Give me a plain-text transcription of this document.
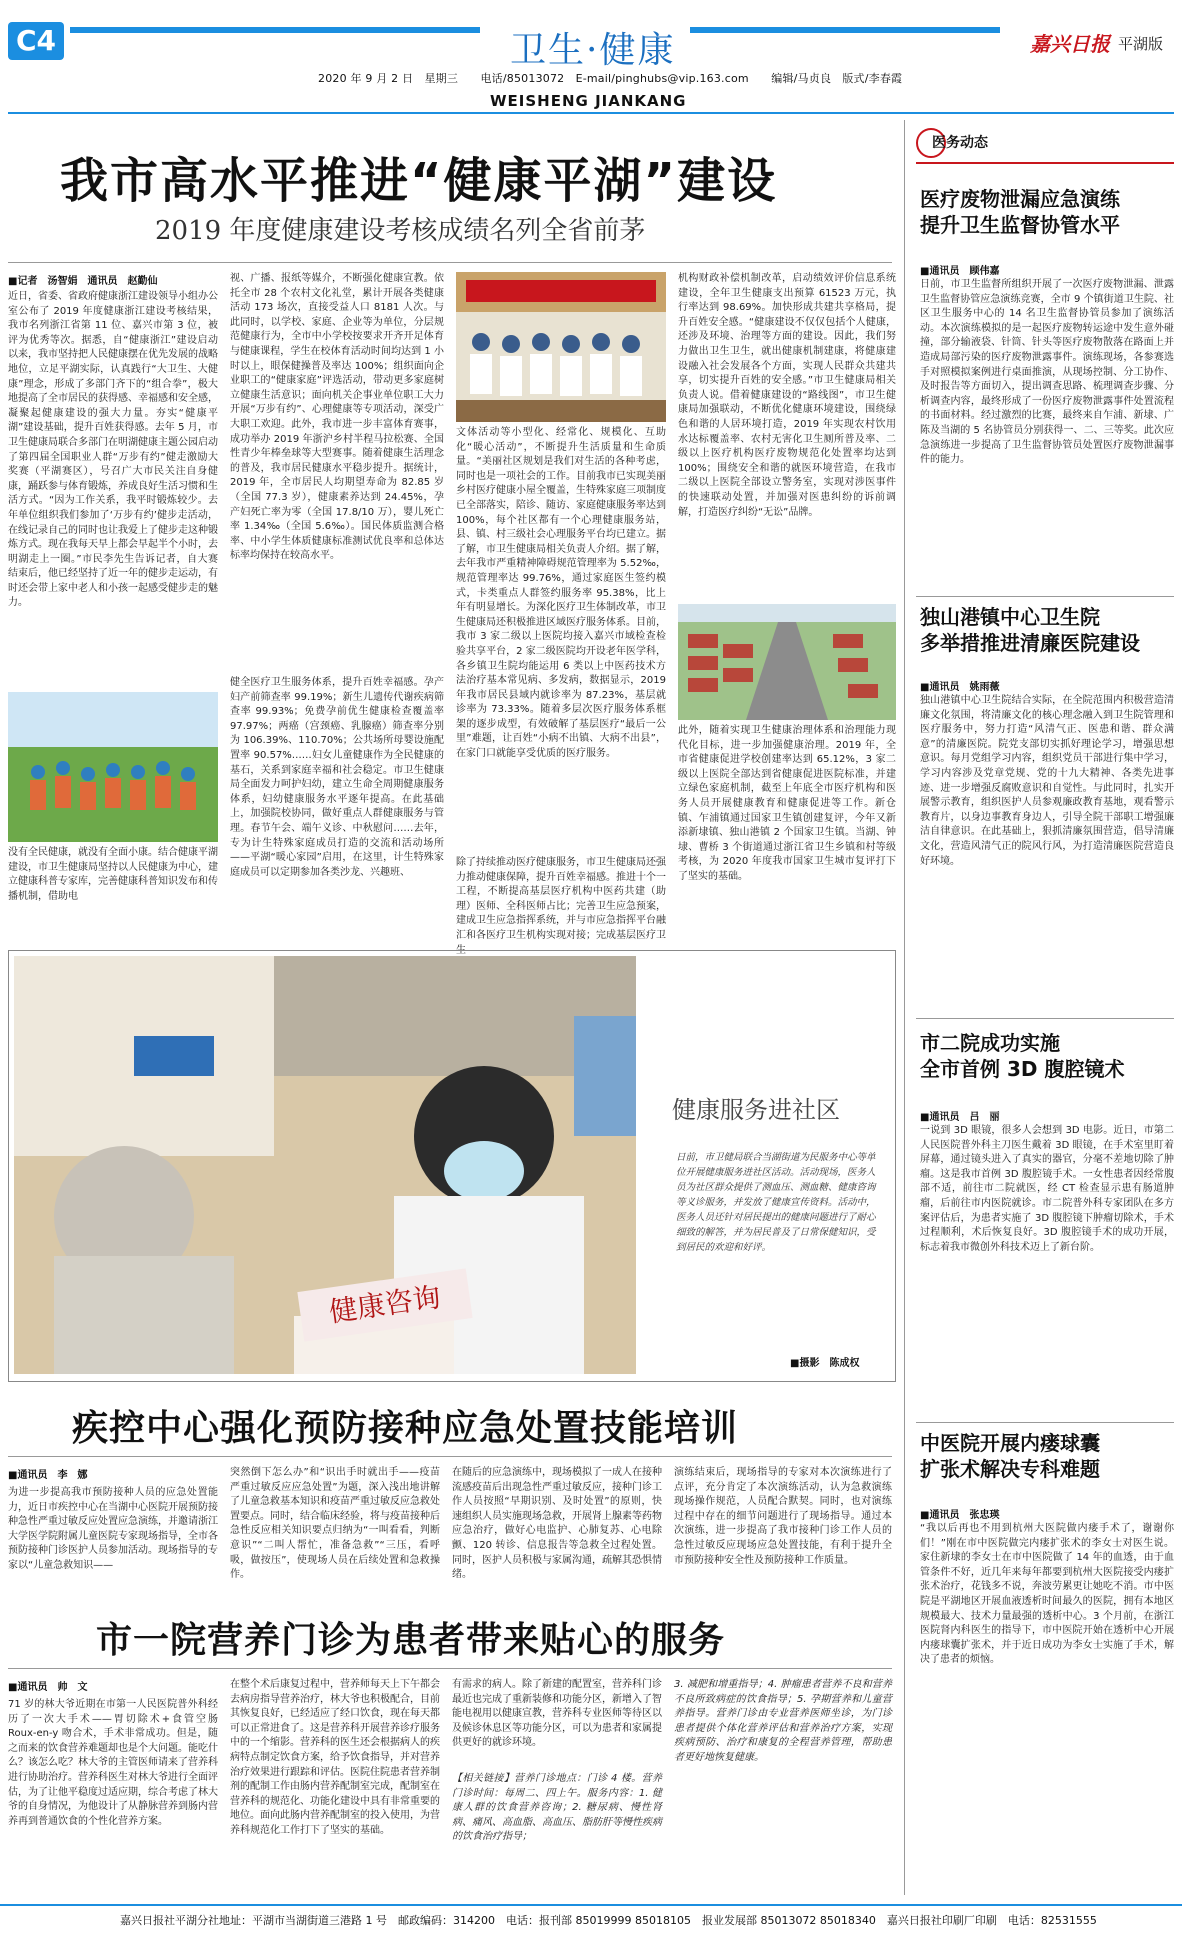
C4	卫生·健康
2020 年 9 月 2 日　星期三　　电话/85013072　E-mail/pinghubs@vip.163.com　　编辑/马贞良　版式/李春霞
WEISHENG JIANKANG
嘉兴日报 平湖版
医务动态
我市高水平推进“健康平湖”建设
2019 年度健康建设考核成绩名列全省前茅
■记者　汤智娟　通讯员　赵勤仙
近日，省委、省政府健康浙江建设领导小组办公室公布了 2019 年度健康浙江建设考核结果，我市名列浙江省第 11 位、嘉兴市第 3 位，被评为优秀等次。据悉，自“健康浙江”建设启动以来，我市坚持把人民健康摆在优先发展的战略地位，立足平湖实际，认真践行“大卫生、大健康”理念，形成了多部门齐下的“组合拳”，极大地提高了全市居民的获得感、幸福感和安全感，凝聚起健康建设的强大力量。夯实“健康平湖”建设基础，提升百姓获得感。去年 5 月，市卫生健康局联合多部门在明湖健康主题公园启动了第四届全国职业人群“万步有约”健走激励大奖赛（平湖赛区），号召广大市民关注自身健康，踊跃参与体育锻炼，养成良好生活习惯和生活方式。“因为工作关系，我平时锻炼较少。去年单位组织我们参加了‘万步有约’健步走活动，在线记录自己的同时也让我爱上了健步走这种锻炼方式。现在我每天早上都会早起半个小时，去明湖走上一圈。”市民李先生告诉记者，自大赛结束后，他已经坚持了近一年的健步走运动，有时还会带上家中老人和小孩一起感受健步走的魅力。
没有全民健康，就没有全面小康。结合健康平湖建设，市卫生健康局坚持以人民健康为中心，建立健康科普专家库，完善健康科普知识发布和传播机制，借助电
视、广播、报纸等媒介，不断强化健康宣教。依托全市 28 个农村文化礼堂，累计开展各类健康活动 173 场次，直接受益人口 8181 人次。与此同时，以学校、家庭、企业等为单位，分层规范健康行为，全市中小学校按要求开齐开足体育与健康课程，学生在校体育活动时间均达到 1 小时以上，眼保健操普及率达 100%；组织面向企业职工的“健康家庭”评选活动，带动更多家庭树立健康生活意识；面向机关企事业单位职工大力开展“万步有约”、心理健康等专项活动，深受广大职工欢迎。此外，我市进一步丰富体育赛事，成功举办 2019 年浙沪乡村半程马拉松赛、全国性青少年棒垒球等大型赛事。随着健康生活理念的普及，我市居民健康水平稳步提升。据统计，2019 年，全市居民人均期望寿命为 82.85 岁（全国 77.3 岁），健康素养达到 24.45%，孕产妇死亡率为零（全国 17.8/10 万），婴儿死亡率 1.34‰（全国 5.6‰）。国民体质监测合格率、中小学生体质健康标准测试优良率和总体达标率均保持在较高水平。
健全医疗卫生服务体系，提升百姓幸福感。孕产妇产前筛查率 99.19%；新生儿遗传代谢疾病筛查率 99.93%；免费孕前优生健康检查覆盖率 97.97%；两癌（宫颈癌、乳腺癌）筛查率分别为 106.39%、110.70%；公共场所母婴设施配置率 90.57%……妇女儿童健康作为全民健康的基石，关系到家庭幸福和社会稳定。市卫生健康局全面发力呵护妇幼，建立生命全周期健康服务体系，妇幼健康服务水平逐年提高。在此基础上，加强院校协同，做好重点人群健康服务与管理。春节午会、端午义诊、中秋慰问……去年，专为计生特殊家庭成员打造的交流和活动场所——平湖“暖心家园”启用，在这里，计生特殊家庭成员可以定期参加各类沙龙、兴趣班、
文体活动等小型化、经常化、规模化、互助化“暖心活动”，不断提升生活质量和生命质量。“美丽社区规划是我们对生活的各种考虑，同时也是一项社会的工作。目前我市已实现美丽乡村医疗健康小屋全覆盖，生特殊家庭三项制度已全部落实，陪诊、随访、家庭健康服务率达到 100%，每个社区都有一个心理健康服务站，县、镇、村三级社会心理服务平台均已建立。据了解，市卫生健康局相关负责人介绍。据了解，去年我市严重精神障碍规范管理率为 5.52‰，规范管理率达 99.76%，通过家庭医生签约模式，卡类重点人群签约服务率 95.38%，比上年有明显增长。为深化医疗卫生体制改革，市卫生健康局还积极推进区域医疗服务体系。目前，我市 3 家二级以上医院均接入嘉兴市域检查检验共享平台，2 家二级医院均开设老年医学科，各乡镇卫生院均能运用 6 类以上中医药技术方法治疗基本常见病、多发病，数据显示，2019 年我市居民县域内就诊率为 87.23%，基层就诊率为 73.33%。随着多层次医疗服务体系框架的逐步成型，有效破解了基层医疗“最后一公里”难题，让百姓“小病不出镇、大病不出县”，在家门口就能享受优质的医疗服务。
除了持续推动医疗健康服务，市卫生健康局还强力推动健康保障，提升百姓幸福感。推进十个一工程，不断提高基层医疗机构中医药共建（助理）医师、全科医师占比；完善卫生应急预案，建成卫生应急指挥系统，并与市应急指挥平台融汇和各医疗卫生机构实现对接；完成基层医疗卫生
机构财政补偿机制改革，启动绩效评价信息系统建设，全年卫生健康支出预算 61523 万元，执行率达到 98.69%。加快形成共建共享格局，提升百姓安全感。“健康建设不仅仅包括个人健康，还涉及环境、治理等方面的建设。因此，我们努力做出卫生卫生，就出健康机制建康，将健康建设融入社会发展各个方面，实现人民群众共建共享，切实提升百姓的安全感。”市卫生健康局相关负责人说。借着健康建设的“路线图”，市卫生健康局加强联动，不断优化健康环境建设，围绕绿色和谐的人居环境打造，2019 年实现农村饮用水达标覆盖率、农村无害化卫生厕所普及率、二级以上医疗机构医疗废物规范化处置率均达到 100%；围绕安全和谐的就医环境营造，在我市二级以上医院全部设立警务室，实现对涉医事件的快速联动处置，并加强对医患纠纷的诉前调解，打造医疗纠纷“无讼”品牌。
此外，随着实现卫生健康治理体系和治理能力现代化目标，进一步加强健康治理。2019 年，全市省健康促进学校创建率达到 65.12%，3 家二级以上医院全部达到省健康促进医院标准，并建立绿色家庭机制，截至上年底全市医疗机构和医务人员开展健康教育和健康促进等工作。新仓镇、乍浦镇通过国家卫生镇创建复评，今年又新添新埭镇、独山港镇 2 个国家卫生镇。当湖、钟埭、曹桥 3 个街道通过浙江省卫生乡镇和村等级考核，为 2020 年度我市国家卫生城市复评打下了坚实的基础。
健康咨询
健康服务进社区
日前，市卫健局联合当湖街道为民服务中心等单位开展健康服务进社区活动。活动现场，医务人员为社区群众提供了测血压、测血糖、健康咨询等义诊服务，并发放了健康宣传资料。活动中，医务人员还针对居民提出的健康问题进行了耐心细致的解答，并为居民普及了日常保健知识，受到居民的欢迎和好评。
■摄影　陈成权
疾控中心强化预防接种应急处置技能培训
■通讯员　李　娜
为进一步提高我市预防接种人员的应急处置能力，近日市疾控中心在当湖中心医院开展预防接种急性严重过敏反应处置应急演练，并邀请浙江大学医学院附属儿童医院专家现场指导，全市各预防接种门诊医护人员参加活动。现场指导的专家以“儿童急救知识——
突然倒下怎么办”和“识出手时就出手——疫苗严重过敏反应应急处置”为题，深入浅出地讲解了儿童急救基本知识和疫苗严重过敏反应急救处置要点。同时，结合临床经验，将与疫苗接种后急性反应相关知识要点归纳为“一叫看看，判断意识”“二叫人帮忙，准备急救”“三压，看呼吸，做按压”，使现场人员在后续处置和急救操作。
在随后的应急演练中，现场模拟了一成人在接种流感疫苗后出现急性严重过敏反应，接种门诊工作人员按照“早期识别、及时处置”的原则，快速组织人员实施现场急救，开展肾上腺素等药物应急治疗，做好心电监护、心肺复苏、心电除颤、120 转诊、信息报告等急救全过程处置。同时，医护人员积极与家属沟通，疏解其恐惧情绪。
演练结束后，现场指导的专家对本次演练进行了点评，充分肯定了本次演练活动，认为急救演练现场操作规范，人员配合默契。同时，也对演练过程中存在的细节问题进行了现场指导。通过本次演练，进一步提高了我市接种门诊工作人员的急性过敏反应现场应急处置技能，有利于提升全市预防接种安全性及预防接种工作质量。
市一院营养门诊为患者带来贴心的服务
■通讯员　帅　文
71 岁的林大爷近期在市第一人民医院普外科经历了一次大手术——胃切除术+食管空肠 Roux-en-y 吻合术，手术非常成功。但是，随之而来的饮食营养难题却也是个大问题。能吃什么？该怎么吃？林大爷的主管医师请来了营养科进行协助治疗。营养科医生对林大爷进行全面评估，为了让他平稳度过适应期，综合考虑了林大爷的自身情况，为他设计了从静脉营养到肠内营养再到普通饮食的个性化营养方案。
在整个术后康复过程中，营养师每天上下午都会去病房指导营养治疗，林大爷也积极配合，目前其恢复良好，已经适应了经口饮食，现在每天都可以正常进食了。这是营养科开展营养诊疗服务中的一个缩影。营养科的医生还会根据病人的疾病特点制定饮食方案，给予饮食指导，并对营养治疗效果进行跟踪和评估。医院住院患者营养制剂的配制工作由肠内营养配制室完成，配制室在营养科的规范化、功能化建设中具有非常重要的地位。面向此肠内营养配制室的投入使用，为营养科规范化工作打下了坚实的基础。
有需求的病人。除了新建的配置室，营养科门诊最近也完成了重新装修和功能分区，新增入了智能电视用以健康宣教，营养科专业医师等待区以及候诊休息区等功能分区，可以为患者和家属提供更好的就诊环境。
【相关链接】营养门诊地点：门诊 4 楼。营养门诊时间：每周二、四上午。服务内容：1. 健康人群的饮食营养咨询；2. 糖尿病、慢性肾病、痛风、高血脂、高血压、脂肪肝等慢性疾病的饮食治疗指导；
3. 减肥和增重指导；4. 肿瘤患者营养不良和营养不良所致病症的饮食指导；5. 孕期营养和儿童营养指导。营养门诊由专业营养医师坐诊，为门诊患者提供个体化营养评估和营养治疗方案，实现疾病预防、治疗和康复的全程营养管理，帮助患者更好地恢复健康。
医疗废物泄漏应急演练
提升卫生监督协管水平
■通讯员　顾伟嘉
日前，市卫生监督所组织开展了一次医疗废物泄漏、泄露卫生监督协管应急演练竞赛，全市 9 个镇街道卫生院、社区卫生服务中心的 14 名卫生监督协管员参加了演练活动。本次演练模拟的是一起医疗废物转运途中发生意外碰撞，部分输液袋、针筒、针头等医疗废物散落在路面上并造成局部污染的医疗废物泄露事件。演练现场，各参赛选手对照模拟案例进行桌面推演，从现场控制、分工协作、及时报告等方面切入，提出调查思路、梳理调查步骤、分析调查内容，最终形成了一份医疗废物泄露事件处置流程的书面材料。经过激烈的比赛，最终来自乍浦、新埭、广陈及当湖的 5 名协管员分别获得一、二、三等奖。此次应急演练进一步提高了卫生监督协管员处置医疗废物泄漏事件的能力。
独山港镇中心卫生院
多举措推进清廉医院建设
■通讯员　姚雨薇
独山港镇中心卫生院结合实际，在全院范围内积极营造清廉文化氛围，将清廉文化的核心理念融入到卫生院管理和医疗服务中，努力打造“风清气正、医患和谐、群众满意”的清廉医院。院党支部切实抓好理论学习，增强思想意识。每月党组学习内容，组织党员干部进行集中学习，学习内容涉及党章党规、党的十九大精神、各类先进事迹、进一步增强反腐败意识和自觉性。与此同时，扎实开展警示教育，组织医护人员参观廉政教育基地，观看警示教育片，以身边事教育身边人，引导全院干部职工增强廉洁自律意识。在此基础上，狠抓清廉氛围营造，倡导清廉文化，营造风清气正的院风行风，为打造清廉医院营造良好环境。
市二院成功实施
全市首例 3D 腹腔镜术
■通讯员　吕　丽
一说到 3D 眼镜，很多人会想到 3D 电影。近日，市第二人民医院普外科主刀医生戴着 3D 眼镜，在手术室里盯着屏幕，通过镜头进入了真实的器官，分毫不差地切除了肿瘤。这是我市首例 3D 腹腔镜手术。一女性患者因经常腹部不适，前往市二院就医，经 CT 检查显示患有肠道肿瘤，后前往市内医院就诊。市二院普外科专家团队在多方案评估后，为患者实施了 3D 腹腔镜下肿瘤切除术，手术过程顺利，术后恢复良好。3D 腹腔镜手术的成功开展，标志着我市微创外科技术迈上了新台阶。
中医院开展内瘘球囊
扩张术解决专科难题
■通讯员　张忠瑛
“我以后再也不用到杭州大医院做内瘘手术了，谢谢你们！”刚在市中医院做完内瘘扩张术的李女士对医生说。家住新埭的李女士在市中医院做了 14 年的血透，由于血管条件不好，近几年来每年都要到杭州大医院接受内瘘扩张术治疗，花钱多不说，奔波劳累更让她吃不消。市中医院是平湖地区开展血液透析时间最久的医院，拥有本地区规模最大、技术力量最强的透析中心。3 个月前，在浙江医院肾内科医生的指导下，市中医院开始在透析中心开展内瘘球囊扩张术，并于近日成功为李女士实施了手术，解决了患者的烦恼。
嘉兴日报社平湖分社地址：平湖市当湖街道三港路 1 号　邮政编码：314200　电话：报刊部 85019999 85018105　报业发展部 85013072 85018340　嘉兴日报社印刷厂印刷　电话：82531555
